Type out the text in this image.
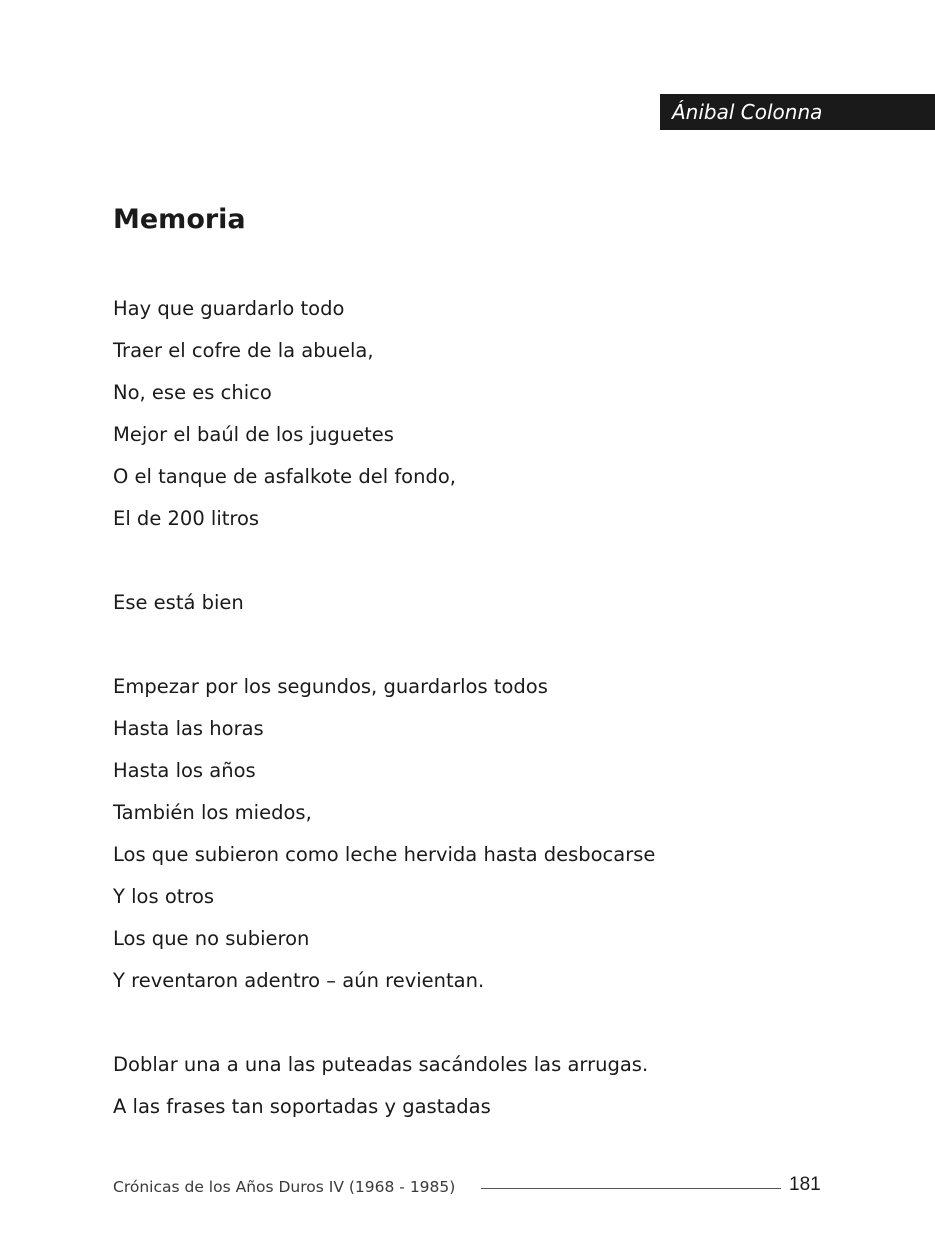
Ánibal Colonna
Memoria
Hay que guardarlo todo
Traer el cofre de la abuela,
No, ese es chico
Mejor el baúl de los juguetes
O el tanque de asfalkote del fondo,
El de 200 litros
Ese está bien
Empezar por los segundos, guardarlos todos
Hasta las horas
Hasta los años
También los miedos,
Los que subieron como leche hervida hasta desbocarse
Y los otros
Los que no subieron
Y reventaron adentro – aún revientan.
Doblar una a una las puteadas sacándoles las arrugas.
A las frases tan soportadas y gastadas
Crónicas de los Años Duros IV (1968 - 1985)	181
